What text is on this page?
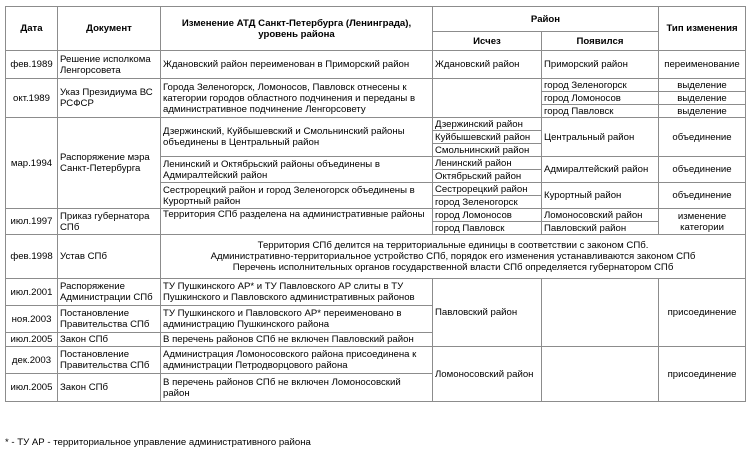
Дата	Документ	Изменение АТД Санкт-Петербурга (Ленинграда), уровень района	Район		Тип изменения
			Исчез	Появился	
фев.1989	Решение исполкома Ленгорсовета	Ждановский район переименован в Приморский район	Ждановский район	Приморский район	переименование
окт.1989	Указ Президиума ВС РСФСР	Города Зеленогорск, Ломоносов, Павловск отнесены к категории городов областного подчинения и переданы в административное подчинение Ленгорсовету		город Зеленогорск	выделение
				город Ломоносов	выделение
				город Павловск	выделение
мар.1994	Распоряжение мэра Санкт-Петербурга	Дзержинский, Куйбышевский и Смольнинский районы объединены в Центральный район	Дзержинский район	Центральный район	объединение
			Куйбышевский район		
			Смольнинский район		
		Ленинский и Октябрьский районы объединены в Адмиралтейский район	Ленинский район	Адмиралтейский район	объединение
			Октябрьский район		
		Сестрорецкий район и город Зеленогорск объединены в Курортный район	Сестрорецкий район	Курортный район	объединение
			город Зеленогорск		
июл.1997	Приказ губернатора СПб	Территория СПб разделена на административные районы	город Ломоносов	Ломоносовский район	изменение категории
			город Павловск	Павловский район	
фев.1998	Устав СПб	Территория СПб делится на территориальные единицы в соответствии с законом СПб.
Административно-территориальное устройство СПб, порядок его изменения устанавливаются законом СПб
Перечень исполнительных органов государственной власти СПб определяется губернатором СПб			

июл.2001	Распоряжение Администрации СПб	ТУ Пушкинского АР* и ТУ Павловского АР слиты в ТУ Пушкинского и Павловского административных районов	Павловский район		присоединение
ноя.2003	Постановление Правительства СПб	ТУ Пушкинского и Павловского АР* переименовано в администрацию Пушкинского района			
июл.2005	Закон СПб	В перечень районов СПб не включен Павловский район			
дек.2003	Постановление Правительства СПб	Администрация Ломоносовского района присоединена к администрации Петродворцового района	Ломоносовский район		присоединение
июл.2005	Закон СПб	В перечень районов СПб не включен Ломоносовский район			
* - ТУ АР - территориальное управление административного района
